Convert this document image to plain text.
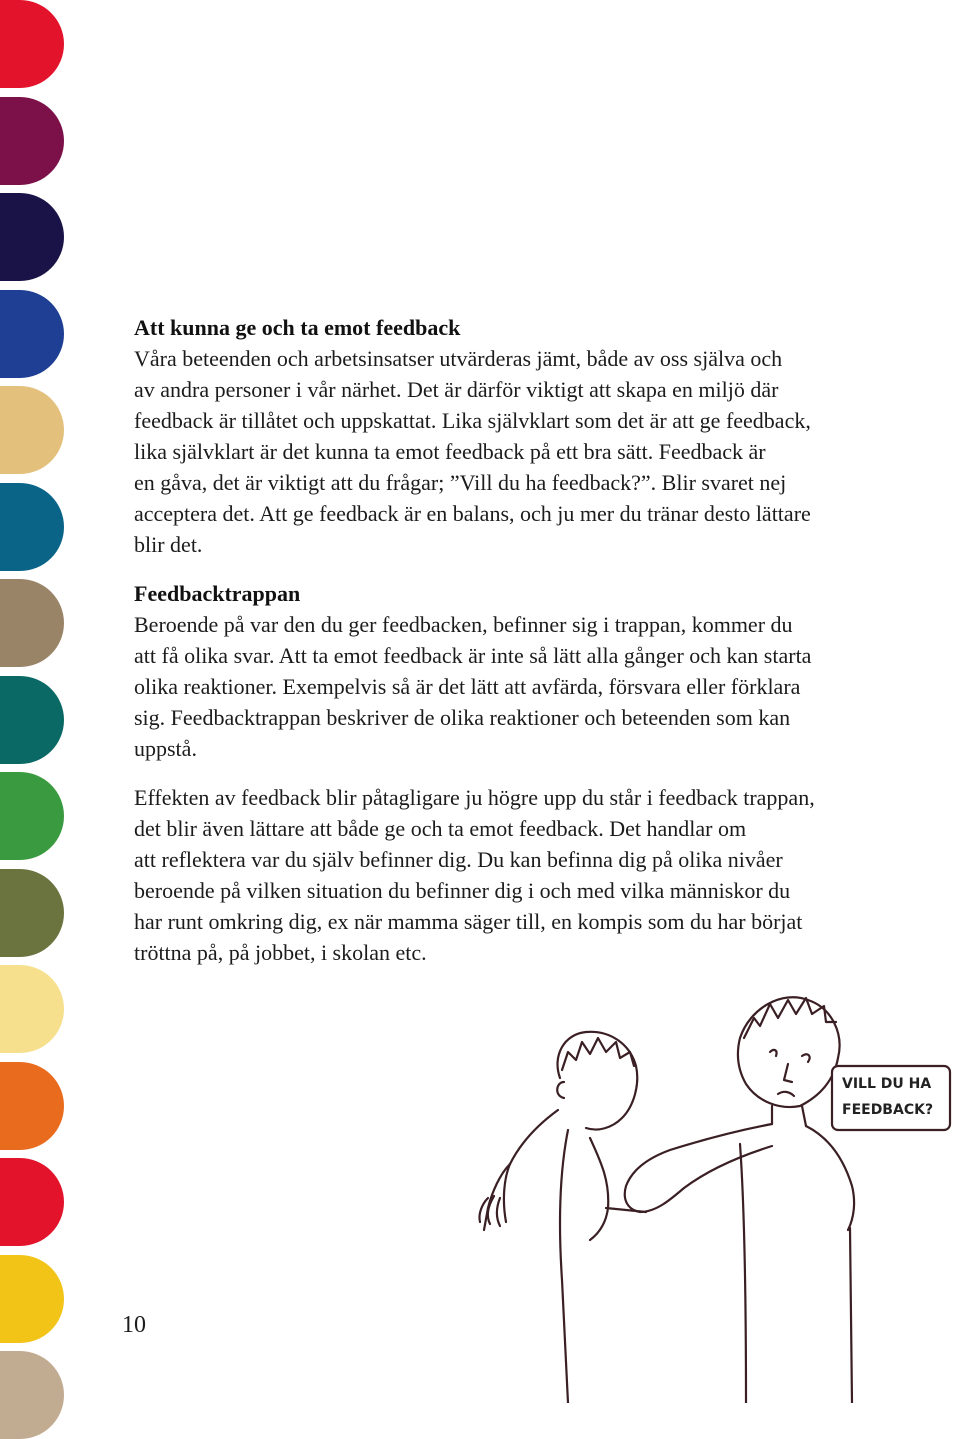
Att kunna ge och ta emot feedback

Våra beteenden och arbetsinsatser utvärderas jämt, både av oss själva och
av andra personer i vår närhet. Det är därför viktigt att skapa en miljö där
feedback är tillåtet och uppskattat. Lika självklart som det är att ge feedback,
lika självklart är det kunna ta emot feedback på ett bra sätt. Feedback är
en gåva, det är viktigt att du frågar; ”Vill du ha feedback?”. Blir svaret nej
acceptera det. Att ge feedback är en balans, och ju mer du tränar desto lättare
blir det.

Feedbacktrappan

Beroende på var den du ger feedbacken, befinner sig i trappan, kommer du
att få olika svar. Att ta emot feedback är inte så lätt alla gånger och kan starta
olika reaktioner. Exempelvis så är det lätt att avfärda, försvara eller förklara
sig. Feedbacktrappan beskriver de olika reaktioner och beteenden som kan
uppstå.

Effekten av feedback blir påtagligare ju högre upp du står i feedback trappan,
det blir även lättare att både ge och ta emot feedback. Det handlar om
att reflektera var du själv befinner dig. Du kan befinna dig på olika nivåer
beroende på vilken situation du befinner dig i och med vilka människor du
har runt omkring dig, ex när mamma säger till, en kompis som du har börjat
tröttna på, på jobbet, i skolan etc.

VILL DU HA
FEEDBACK?
10
